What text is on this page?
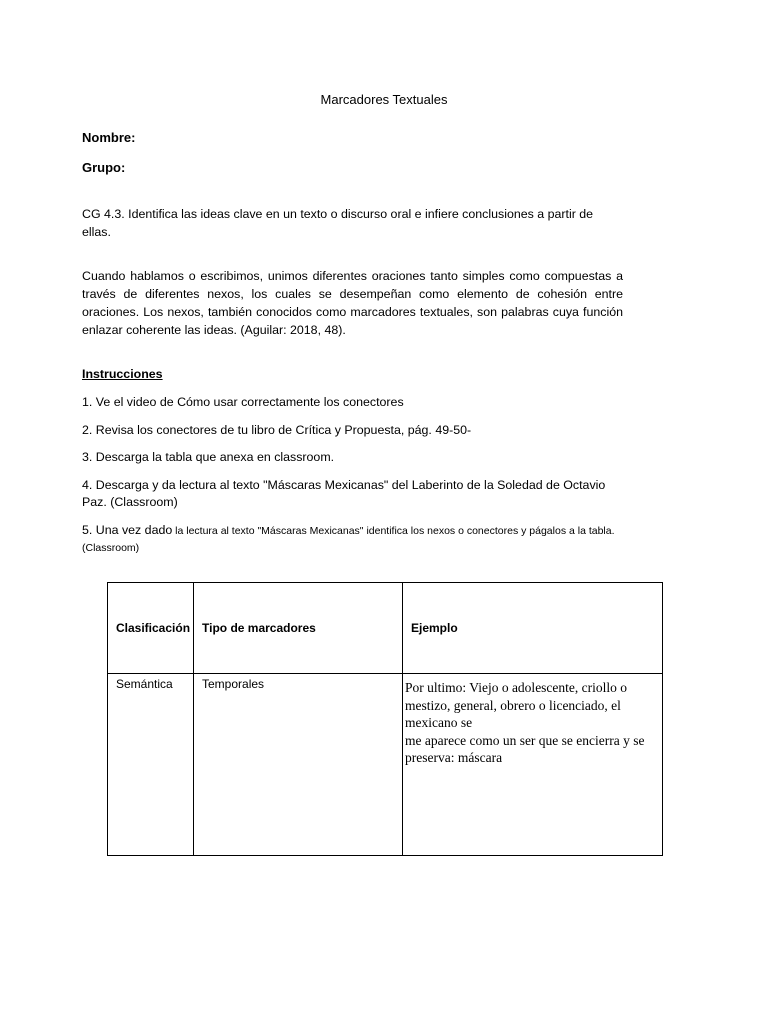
Marcadores Textuales
Nombre:
Grupo:
CG 4.3. Identifica las ideas clave en un texto o discurso oral e infiere conclusiones a partir de ellas.
Cuando hablamos o escribimos, unimos diferentes oraciones tanto simples como compuestas a través de diferentes nexos, los cuales se desempeñan como elemento de cohesión entre oraciones. Los nexos, también conocidos como marcadores textuales, son palabras cuya función enlazar coherente las ideas. (Aguilar: 2018, 48).
Instrucciones
1. Ve el video de Cómo usar correctamente los conectores
2. Revisa los conectores de tu libro de Crítica y Propuesta, pág. 49-50-
3. Descarga la tabla que anexa en classroom.
4. Descarga y da lectura al texto "Máscaras Mexicanas" del Laberinto de la Soledad de Octavio Paz. (Classroom)
5. Una vez dado la lectura al texto "Máscaras Mexicanas" identifica los nexos o conectores y págalos a la tabla. (Classroom)
Clasificación	Tipo de marcadores	Ejemplo
Semántica	Temporales	Por ultimo: Viejo o adolescente, criollo o mestizo, general, obrero o licenciado, el mexicano se
me aparece como un ser que se encierra y se preserva: máscara
